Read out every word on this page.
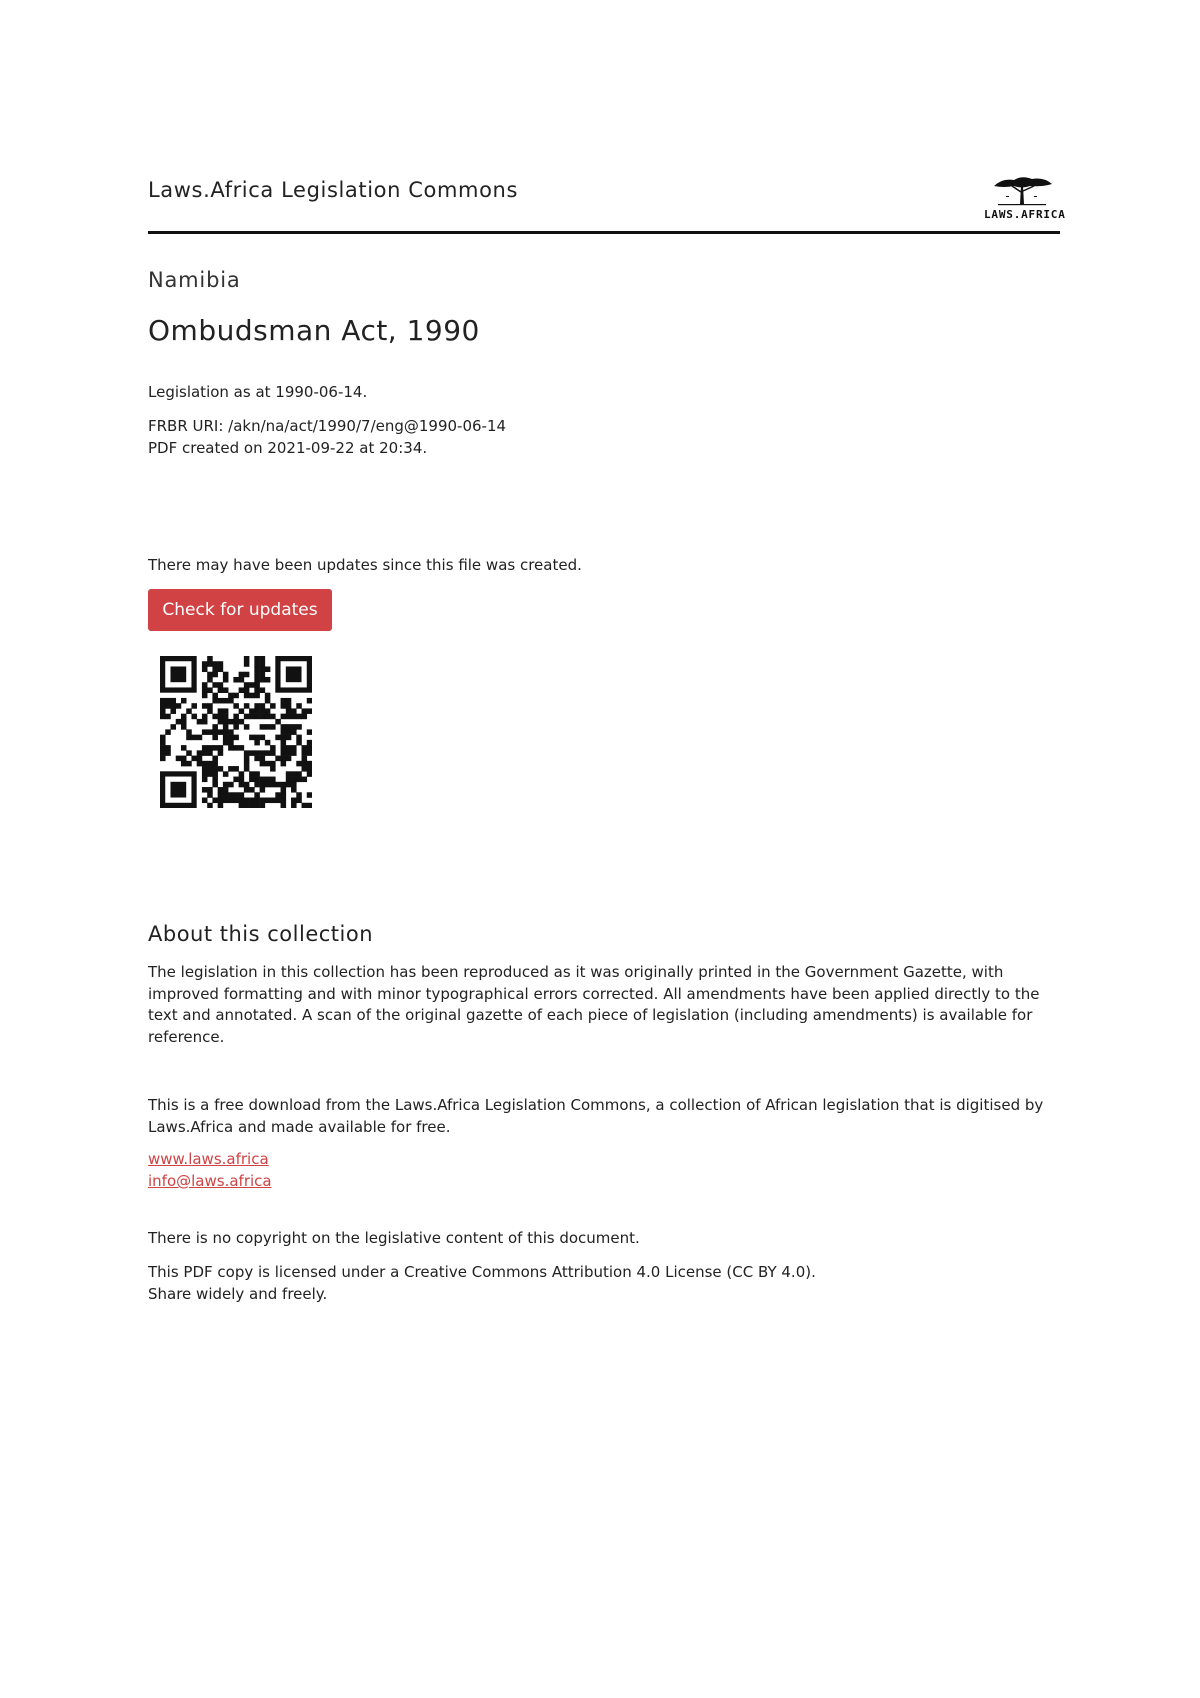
Laws.Africa Legislation Commons
LAWS.AFRICA
Namibia
Ombudsman Act, 1990
Legislation as at 1990-06-14.
FRBR URI: /akn/na/act/1990/7/eng@1990-06-14
PDF created on 2021-09-22 at 20:34.
There may have been updates since this file was created.
Check for updates
About this collection
The legislation in this collection has been reproduced as it was originally printed in the Government Gazette, with improved formatting and with minor typographical errors corrected. All amendments have been applied directly to the text and annotated. A scan of the original gazette of each piece of legislation (including amendments) is available for reference.
This is a free download from the Laws.Africa Legislation Commons, a collection of African legislation that is digitised by Laws.Africa and made available for free.
www.laws.africa
info@laws.africa
There is no copyright on the legislative content of this document.
This PDF copy is licensed under a Creative Commons Attribution 4.0 License (CC BY 4.0).
Share widely and freely.
